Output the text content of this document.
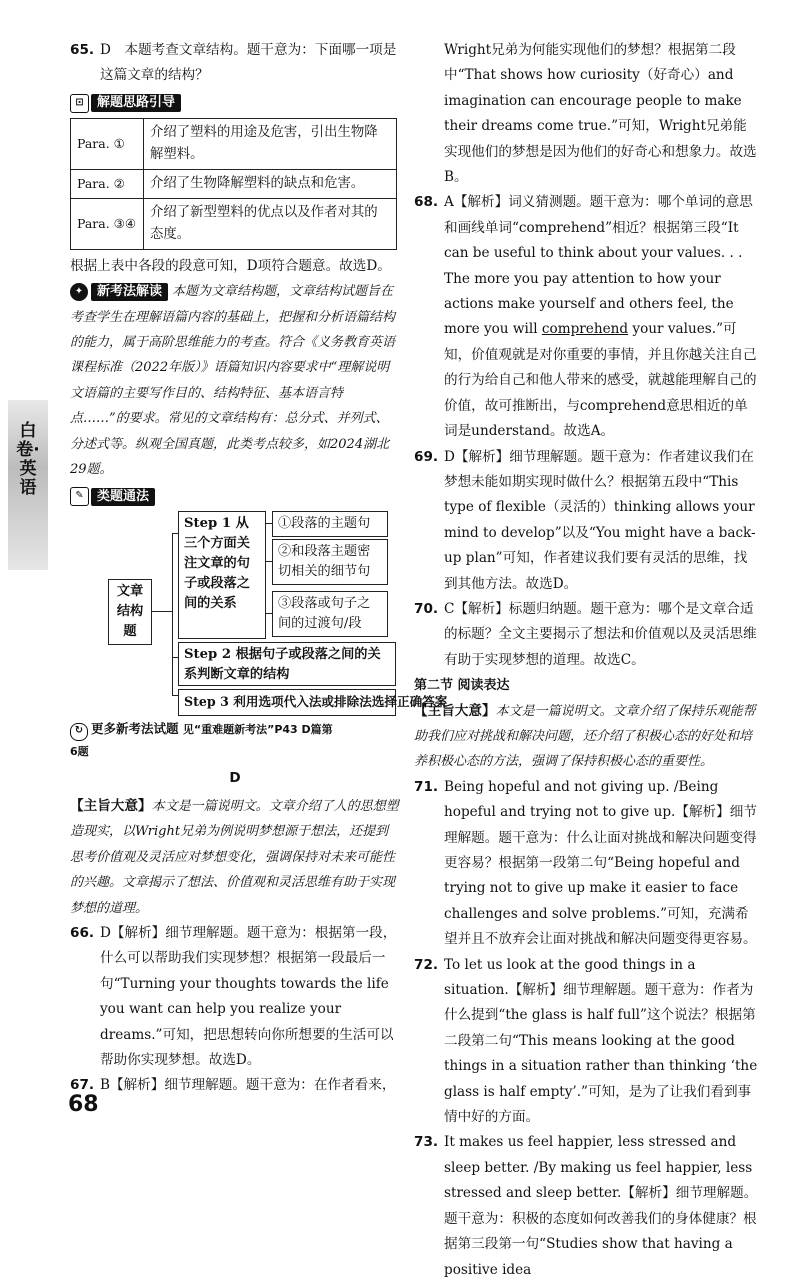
白卷·英语

65. D　本题考查文章结构。题干意为：下面哪一项是这篇文章的结构？

⊡	解题思路引导
Para. ①	介绍了塑料的用途及危害，引出生物降解塑料。
Para. ②	介绍了生物降解塑料的缺点和危害。
Para. ③④	介绍了新型塑料的优点以及作者对其的态度。

根据上表中各段的段意可知，D项符合题意。故选D。

✦	新考法解读 本题为文章结构题，文章结构试题旨在考查学生在理解语篇内容的基础上，把握和分析语篇结构的能力，属于高阶思维能力的考查。符合《义务教育英语课程标准（2022年版）》语篇知识内容要求中“理解说明文语篇的主要写作目的、结构特征、基本语言特点……”的要求。常见的文章结构有：总分式、并列式、分述式等。纵观全国真题，此类考点较多，如2024湖北29题。

✎	类题通法
文章结构题
Step 1 从三个方面关注文章的句子或段落之间的关系
①段落的主题句
②和段落主题密切相关的细节句
③段落或句子之间的过渡句/段
Step 2 根据句子或段落之间的关系判断文章的结构
Step 3 利用选项代入法或排除法选择正确答案

↻ 更多新考法试题 见“重难题新考法”P43 D篇第
6题

D

【主旨大意】本文是一篇说明文。文章介绍了人的思想塑造现实，以Wright兄弟为例说明梦想源于想法，还提到思考价值观及灵活应对梦想变化，强调保持对未来可能性的兴趣。文章揭示了想法、价值观和灵活思维有助于实现梦想的道理。

66. D【解析】细节理解题。题干意为：根据第一段，什么可以帮助我们实现梦想？根据第一段最后一句“Turning your thoughts towards the life you want can help you realize your dreams.”可知，把思想转向你所想要的生活可以帮助你实现梦想。故选D。

67. B【解析】细节理解题。题干意为：在作者看来，

Wright兄弟为何能实现他们的梦想？根据第二段中“That shows how curiosity（好奇心）and imagination can encourage people to make their dreams come true.”可知，Wright兄弟能实现他们的梦想是因为他们的好奇心和想象力。故选B。

68. A【解析】词义猜测题。题干意为：哪个单词的意思和画线单词“comprehend”相近？根据第三段“It can be useful to think about your values. . . The more you pay attention to how your actions make yourself and others feel, the more you will comprehend your values.”可知，价值观就是对你重要的事情，并且你越关注自己的行为给自己和他人带来的感受，就越能理解自己的价值，故可推断出，与comprehend意思相近的单词是understand。故选A。

69. D【解析】细节理解题。题干意为：作者建议我们在梦想未能如期实现时做什么？根据第五段中“This type of flexible（灵活的）thinking allows your mind to develop”以及“You might have a back-up plan”可知，作者建议我们要有灵活的思维，找到其他方法。故选D。

70. C【解析】标题归纳题。题干意为：哪个是文章合适的标题？全文主要揭示了想法和价值观以及灵活思维有助于实现梦想的道理。故选C。

第二节 阅读表达

【主旨大意】本文是一篇说明文。文章介绍了保持乐观能帮助我们应对挑战和解决问题，还介绍了积极心态的好处和培养积极心态的方法，强调了保持积极心态的重要性。

71. Being hopeful and not giving up. /Being hopeful and trying not to give up.【解析】细节理解题。题干意为：什么让面对挑战和解决问题变得更容易？根据第一段第二句“Being hopeful and trying not to give up make it easier to face challenges and solve problems.”可知，充满希望并且不放弃会让面对挑战和解决问题变得更容易。

72. To let us look at the good things in a situation.【解析】细节理解题。题干意为：作者为什么提到“the glass is half full”这个说法？根据第二段第二句“This means looking at the good things in a situation rather than thinking ‘the glass is half empty’.”可知，是为了让我们看到事情中好的方面。

73. It makes us feel happier, less stressed and sleep better. /By making us feel happier, less stressed and sleep better.【解析】细节理解题。题干意为：积极的态度如何改善我们的身体健康？根据第三段第一句“Studies show that having a positive idea

68
